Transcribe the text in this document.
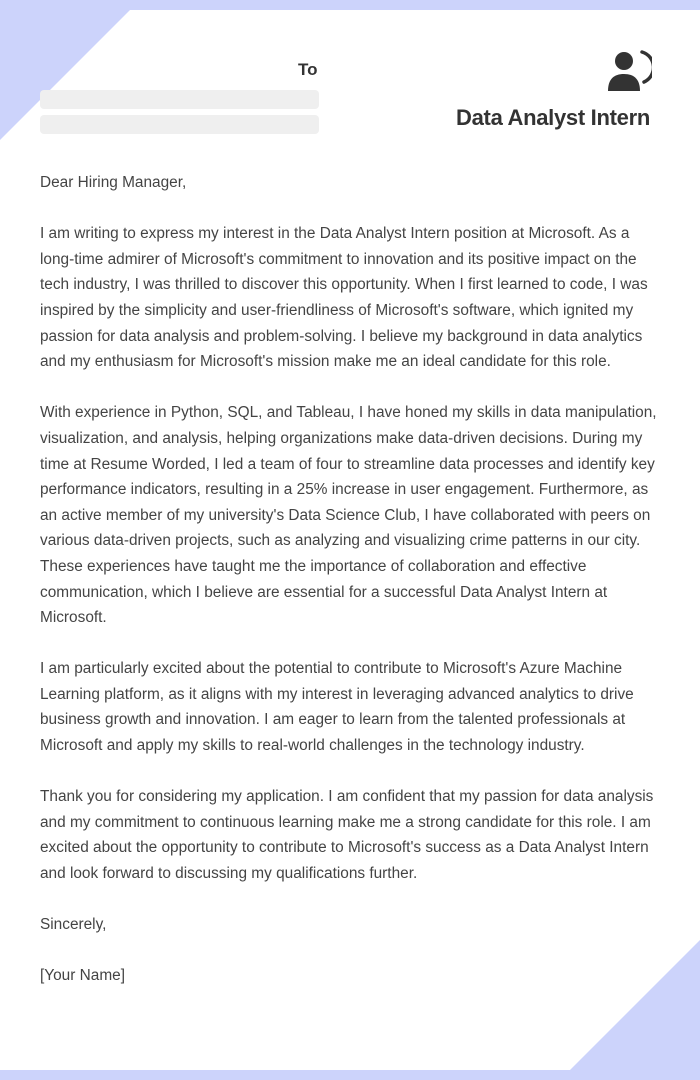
To
Data Analyst Intern

Dear Hiring Manager,

I am writing to express my interest in the Data Analyst Intern position at Microsoft. As a long-time admirer of Microsoft's commitment to innovation and its positive impact on the tech industry, I was thrilled to discover this opportunity. When I first learned to code, I was inspired by the simplicity and user-friendliness of Microsoft's software, which ignited my passion for data analysis and problem-solving. I believe my background in data analytics and my enthusiasm for Microsoft's mission make me an ideal candidate for this role.

With experience in Python, SQL, and Tableau, I have honed my skills in data manipulation, visualization, and analysis, helping organizations make data-driven decisions. During my time at Resume Worded, I led a team of four to streamline data processes and identify key performance indicators, resulting in a 25% increase in user engagement. Furthermore, as an active member of my university's Data Science Club, I have collaborated with peers on various data-driven projects, such as analyzing and visualizing crime patterns in our city. These experiences have taught me the importance of collaboration and effective communication, which I believe are essential for a successful Data Analyst Intern at Microsoft.

I am particularly excited about the potential to contribute to Microsoft's Azure Machine Learning platform, as it aligns with my interest in leveraging advanced analytics to drive business growth and innovation. I am eager to learn from the talented professionals at Microsoft and apply my skills to real-world challenges in the technology industry.

Thank you for considering my application. I am confident that my passion for data analysis and my commitment to continuous learning make me a strong candidate for this role. I am excited about the opportunity to contribute to Microsoft's success as a Data Analyst Intern and look forward to discussing my qualifications further.

Sincerely,

[Your Name]
